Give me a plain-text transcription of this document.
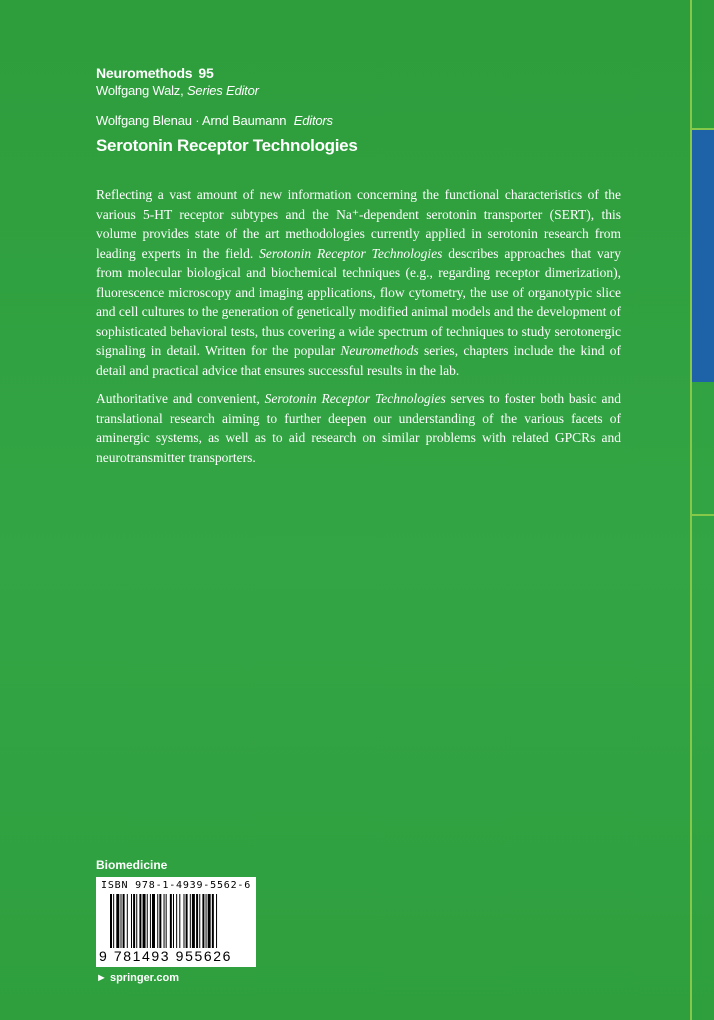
Neuromethods 95
Wolfgang Walz, Series Editor
Wolfgang Blenau · Arnd Baumann Editors
Serotonin Receptor Technologies

Reflecting a vast amount of new information concerning the functional characteristics of the various 5-HT receptor subtypes and the Na⁺-dependent serotonin transporter (SERT), this volume provides state of the art methodologies currently applied in serotonin research from leading experts in the field. Serotonin Receptor Technologies describes approaches that vary from molecular biological and biochemical techniques (e.g., regarding receptor dimerization), fluorescence microscopy and imaging applications, flow cytometry, the use of organotypic slice and cell cultures to the generation of genetically modified animal models and the development of sophisticated behavioral tests, thus covering a wide spectrum of techniques to study serotonergic signaling in detail. Written for the popular Neuromethods series, chapters include the kind of detail and practical advice that ensures successful results in the lab.

Authoritative and convenient, Serotonin Receptor Technologies serves to foster both basic and translational research aiming to further deepen our understanding of the various facets of aminergic systems, as well as to aid research on similar problems with related GPCRs and neurotransmitter transporters.

Biomedicine
ISBN 978-1-4939-5562-6
9 781493 955626
► springer.com
